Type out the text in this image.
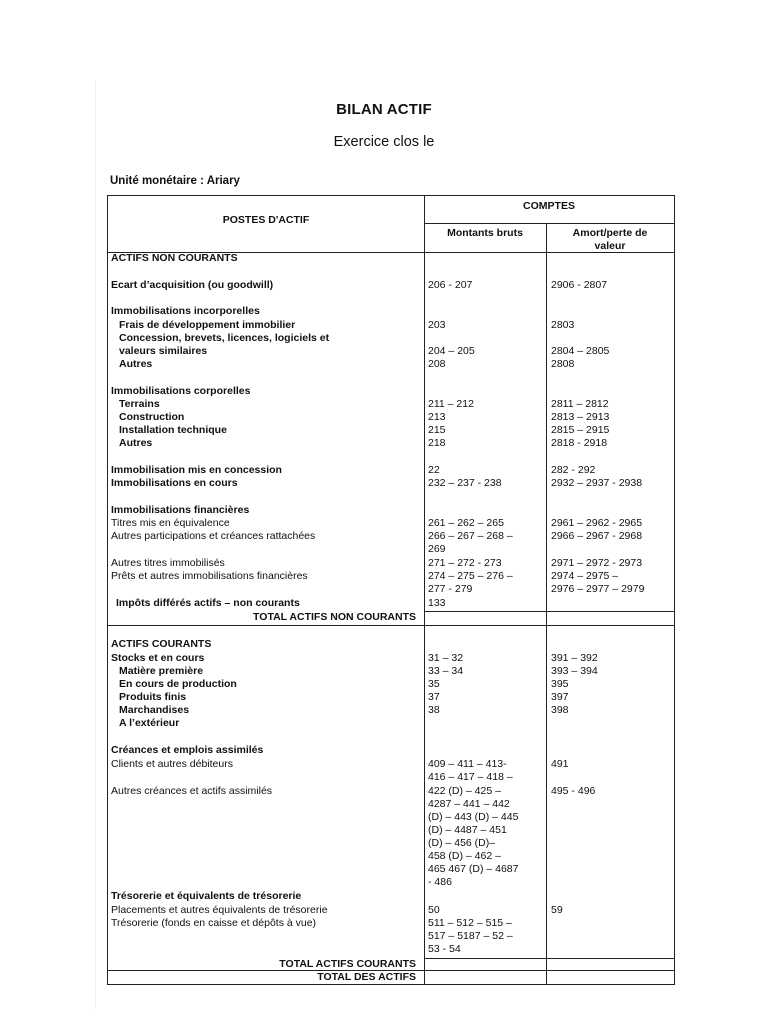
BILAN ACTIF
Exercice clos le
Unité monétaire : Ariary
POSTES D'ACTIF
COMPTES
Montants bruts	Amort/perte de
valeur
ACTIFS NON COURANTS
Ecart d’acquisition (ou goodwill)
Immobilisations incorporelles
Frais de développement immobilier
Concession, brevets, licences, logiciels et
valeurs similaires
Autres
Immobilisations corporelles
Terrains
Construction
Installation technique
Autres
Immobilisation mis en concession
Immobilisations en cours
Immobilisations financières
Titres mis en équivalence
Autres participations et créances rattachées
Autres titres immobilisés
Prêts et autres immobilisations financières
Impôts différés actifs – non courants
TOTAL ACTIFS NON COURANTS
ACTIFS COURANTS
Stocks et en cours
Matière première
En cours de production
Produits finis
Marchandises
A l’extérieur
Créances et emplois assimilés
Clients et autres débiteurs
Autres créances et actifs assimilés
Trésorerie et équivalents de trésorerie
Placements et autres équivalents de trésorerie
Trésorerie (fonds en caisse et dépôts à vue)
TOTAL ACTIFS COURANTS
TOTAL DES ACTIFS
206 - 207
203
204 – 205
208
211 – 212
213
215
218
22
232 – 237 - 238
261 – 262 – 265
266 – 267 – 268 –
269
271 – 272 - 273
274 – 275 – 276 –
277 - 279
133
31 – 32
33 – 34
35
37
38
409 – 411 – 413-
416 – 417 – 418 –
422 (D) – 425 –
4287 – 441 – 442
(D) – 443 (D) – 445
(D) – 4487 – 451
(D) – 456 (D)–
458 (D) – 462 –
465 467 (D) – 4687
- 486
50
511 – 512 – 515 –
517 – 5187 – 52 –
53 - 54
2906 - 2807
2803
2804 – 2805
2808
2811 – 2812
2813 – 2913
2815 – 2915
2818 - 2918
282 - 292
2932 – 2937 - 2938
2961 – 2962 - 2965
2966 – 2967 - 2968
2971 – 2972 - 2973
2974 – 2975 –
2976 – 2977 – 2979
391 – 392
393 – 394
395
397
398
491
495 - 496
59
